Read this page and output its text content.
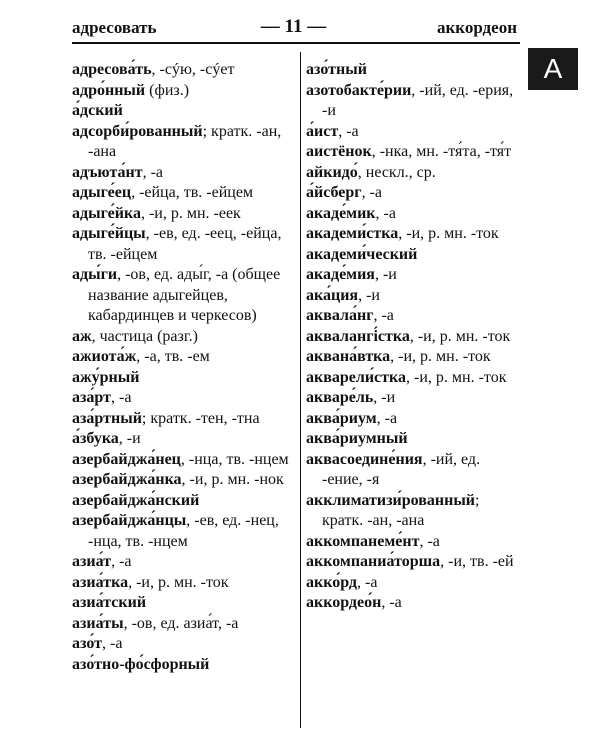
адресовать	— 11 —	аккордеон
А
адресова́ть, -сýю, -сýет
адро́нный (физ.)
а́дский
адсорби́рованный; кратк. -ан, -ана
адъюта́нт, -а
адыге́ец, -ейца, тв. -ейцем
адыге́йка, -и, р. мн. -еек
адыге́йцы, -ев, ед. -еец, -ейца, тв. -ейцем
ады́ги, -ов, ед. ады́г, -а (общее название адыгейцев, кабардинцев и черкесов)
аж, частица (разг.)
ажиота́ж, -а, тв. -ем
ажу́рный
аза́рт, -а
аза́ртный; кратк. -тен, -тна
а́збука, -и
азербайджа́нец, -нца, тв. -нцем
азербайджа́нка, -и, р. мн. -нок
азербайджа́нский
азербайджа́нцы, -ев, ед. -нец, -нца, тв. -нцем
азиа́т, -а
азиа́тка, -и, р. мн. -ток
азиа́тский
азиа́ты, -ов, ед. азиа́т, -а
азо́т, -а
азо́тно-фо́сфорный
азо́тный
азотобакте́рии, -ий, ед. -ерия, -и
а́ист, -а
аистёнок, -нка, мн. -тя́та, -тя́т
айкидо́, нескл., ср.
а́йсберг, -а
акаде́мик, -а
академи́стка, -и, р. мн. -ток
академи́ческий
акаде́мия, -и
ака́ция, -и
аквала́нг, -а
аквалангі́стка, -и, р. мн. -ток
аквана́втка, -и, р. мн. -ток
акварели́стка, -и, р. мн. -ток
акваре́ль, -и
аква́риум, -а
аква́риумный
аквасоедине́ния, -ий, ед. -ение, -я
акклиматизи́рованный; кратк. -ан, -ана
аккомпанеме́нт, -а
аккомпаниа́торша, -и, тв. -ей
акко́рд, -а
аккордео́н, -а
